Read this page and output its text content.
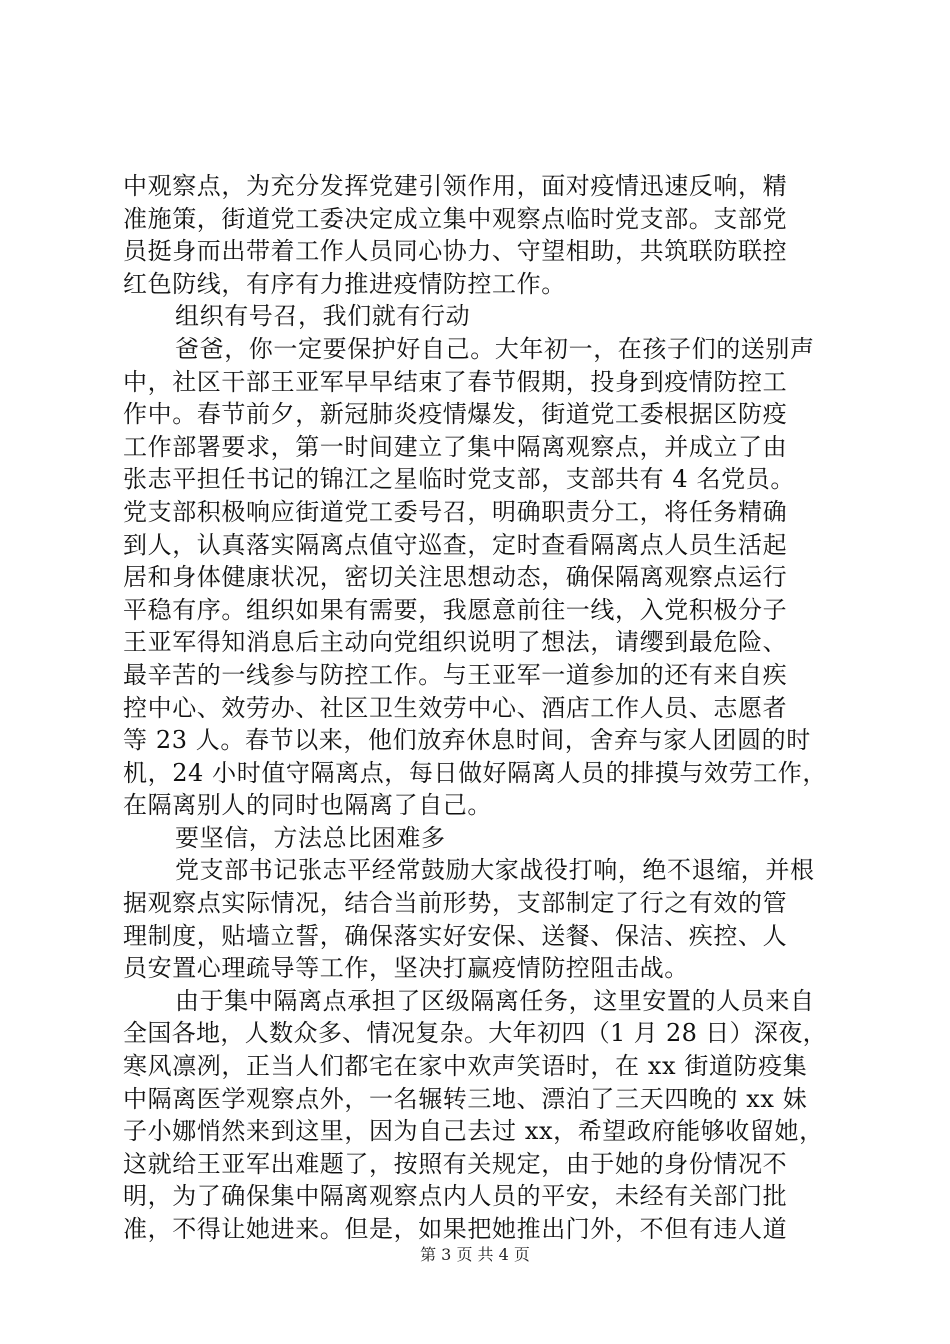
中观察点，为充分发挥党建引领作用，面对疫情迅速反响，精
准施策，街道党工委决定成立集中观察点临时党支部。支部党
员挺身而出带着工作人员同心协力、守望相助，共筑联防联控
红色防线，有序有力推进疫情防控工作。
组织有号召，我们就有行动
爸爸，你一定要保护好自己。大年初一，在孩子们的送别声
中，社区干部王亚军早早结束了春节假期，投身到疫情防控工
作中。春节前夕，新冠肺炎疫情爆发，街道党工委根据区防疫
工作部署要求，第一时间建立了集中隔离观察点，并成立了由
张志平担任书记的锦江之星临时党支部，支部共有 4 名党员。
党支部积极响应街道党工委号召，明确职责分工，将任务精确
到人，认真落实隔离点值守巡查，定时查看隔离点人员生活起
居和身体健康状况，密切关注思想动态，确保隔离观察点运行
平稳有序。组织如果有需要，我愿意前往一线，入党积极分子
王亚军得知消息后主动向党组织说明了想法，请缨到最危险、
最辛苦的一线参与防控工作。与王亚军一道参加的还有来自疾
控中心、效劳办、社区卫生效劳中心、酒店工作人员、志愿者
等 23 人。春节以来，他们放弃休息时间，舍弃与家人团圆的时
机，24 小时值守隔离点，每日做好隔离人员的排摸与效劳工作，
在隔离别人的同时也隔离了自己。
要坚信，方法总比困难多
党支部书记张志平经常鼓励大家战役打响，绝不退缩，并根
据观察点实际情况，结合当前形势，支部制定了行之有效的管
理制度，贴墙立誓，确保落实好安保、送餐、保洁、疾控、人
员安置心理疏导等工作，坚决打赢疫情防控阻击战。
由于集中隔离点承担了区级隔离任务，这里安置的人员来自
全国各地，人数众多、情况复杂。大年初四（1 月 28 日）深夜，
寒风凛冽，正当人们都宅在家中欢声笑语时，在 xx 街道防疫集
中隔离医学观察点外，一名辗转三地、漂泊了三天四晚的 xx 妹
子小娜悄然来到这里，因为自己去过 xx，希望政府能够收留她，
这就给王亚军出难题了，按照有关规定，由于她的身份情况不
明，为了确保集中隔离观察点内人员的平安，未经有关部门批
准，不得让她进来。但是，如果把她推出门外，不但有违人道
第 3 页 共 4 页
